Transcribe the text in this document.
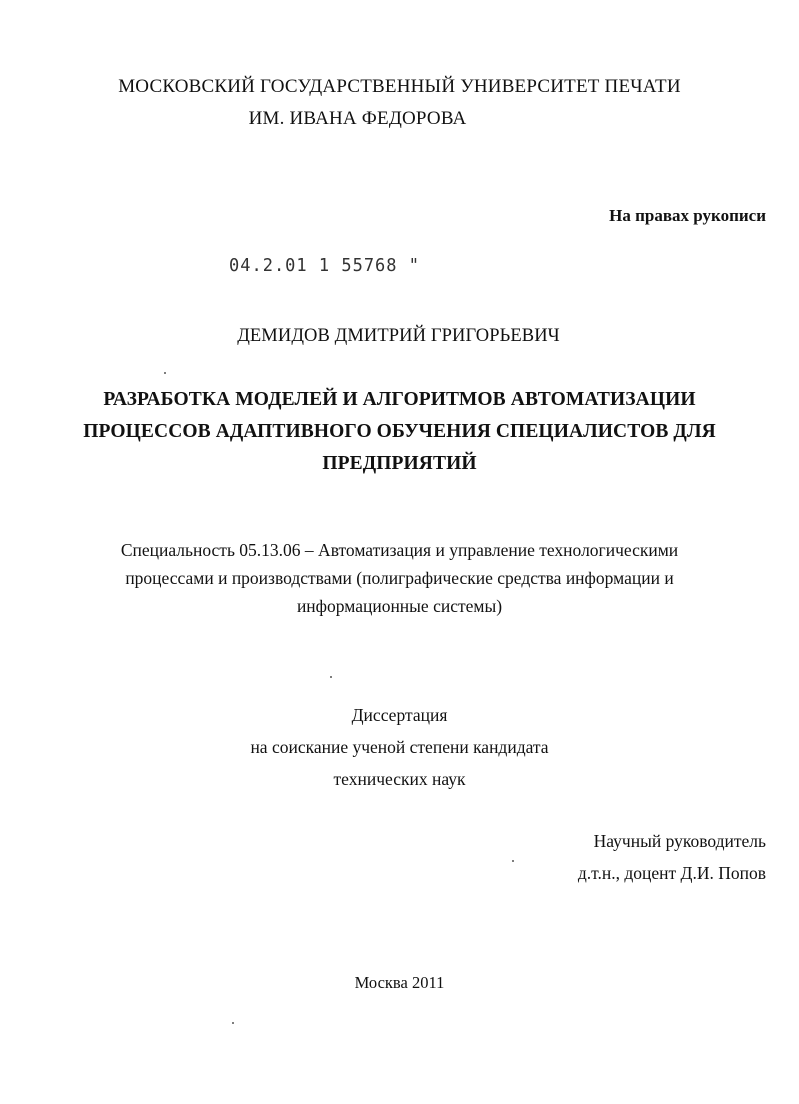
МОСКОВСКИЙ ГОСУДАРСТВЕННЫЙ УНИВЕРСИТЕТ ПЕЧАТИ
ИМ. ИВАНА ФЕДОРОВА
На правах рукописи
04.2.01 1 55768 "
ДЕМИДОВ ДМИТРИЙ ГРИГОРЬЕВИЧ
РАЗРАБОТКА МОДЕЛЕЙ И АЛГОРИТМОВ АВТОМАТИЗАЦИИ
ПРОЦЕССОВ АДАПТИВНОГО ОБУЧЕНИЯ СПЕЦИАЛИСТОВ ДЛЯ
ПРЕДПРИЯТИЙ
Специальность 05.13.06 – Автоматизация и управление технологическими
процессами и производствами (полиграфические средства информации и
информационные системы)
Диссертация
на соискание ученой степени кандидата
технических наук
Научный руководитель
д.т.н., доцент Д.И. Попов
Москва 2011
